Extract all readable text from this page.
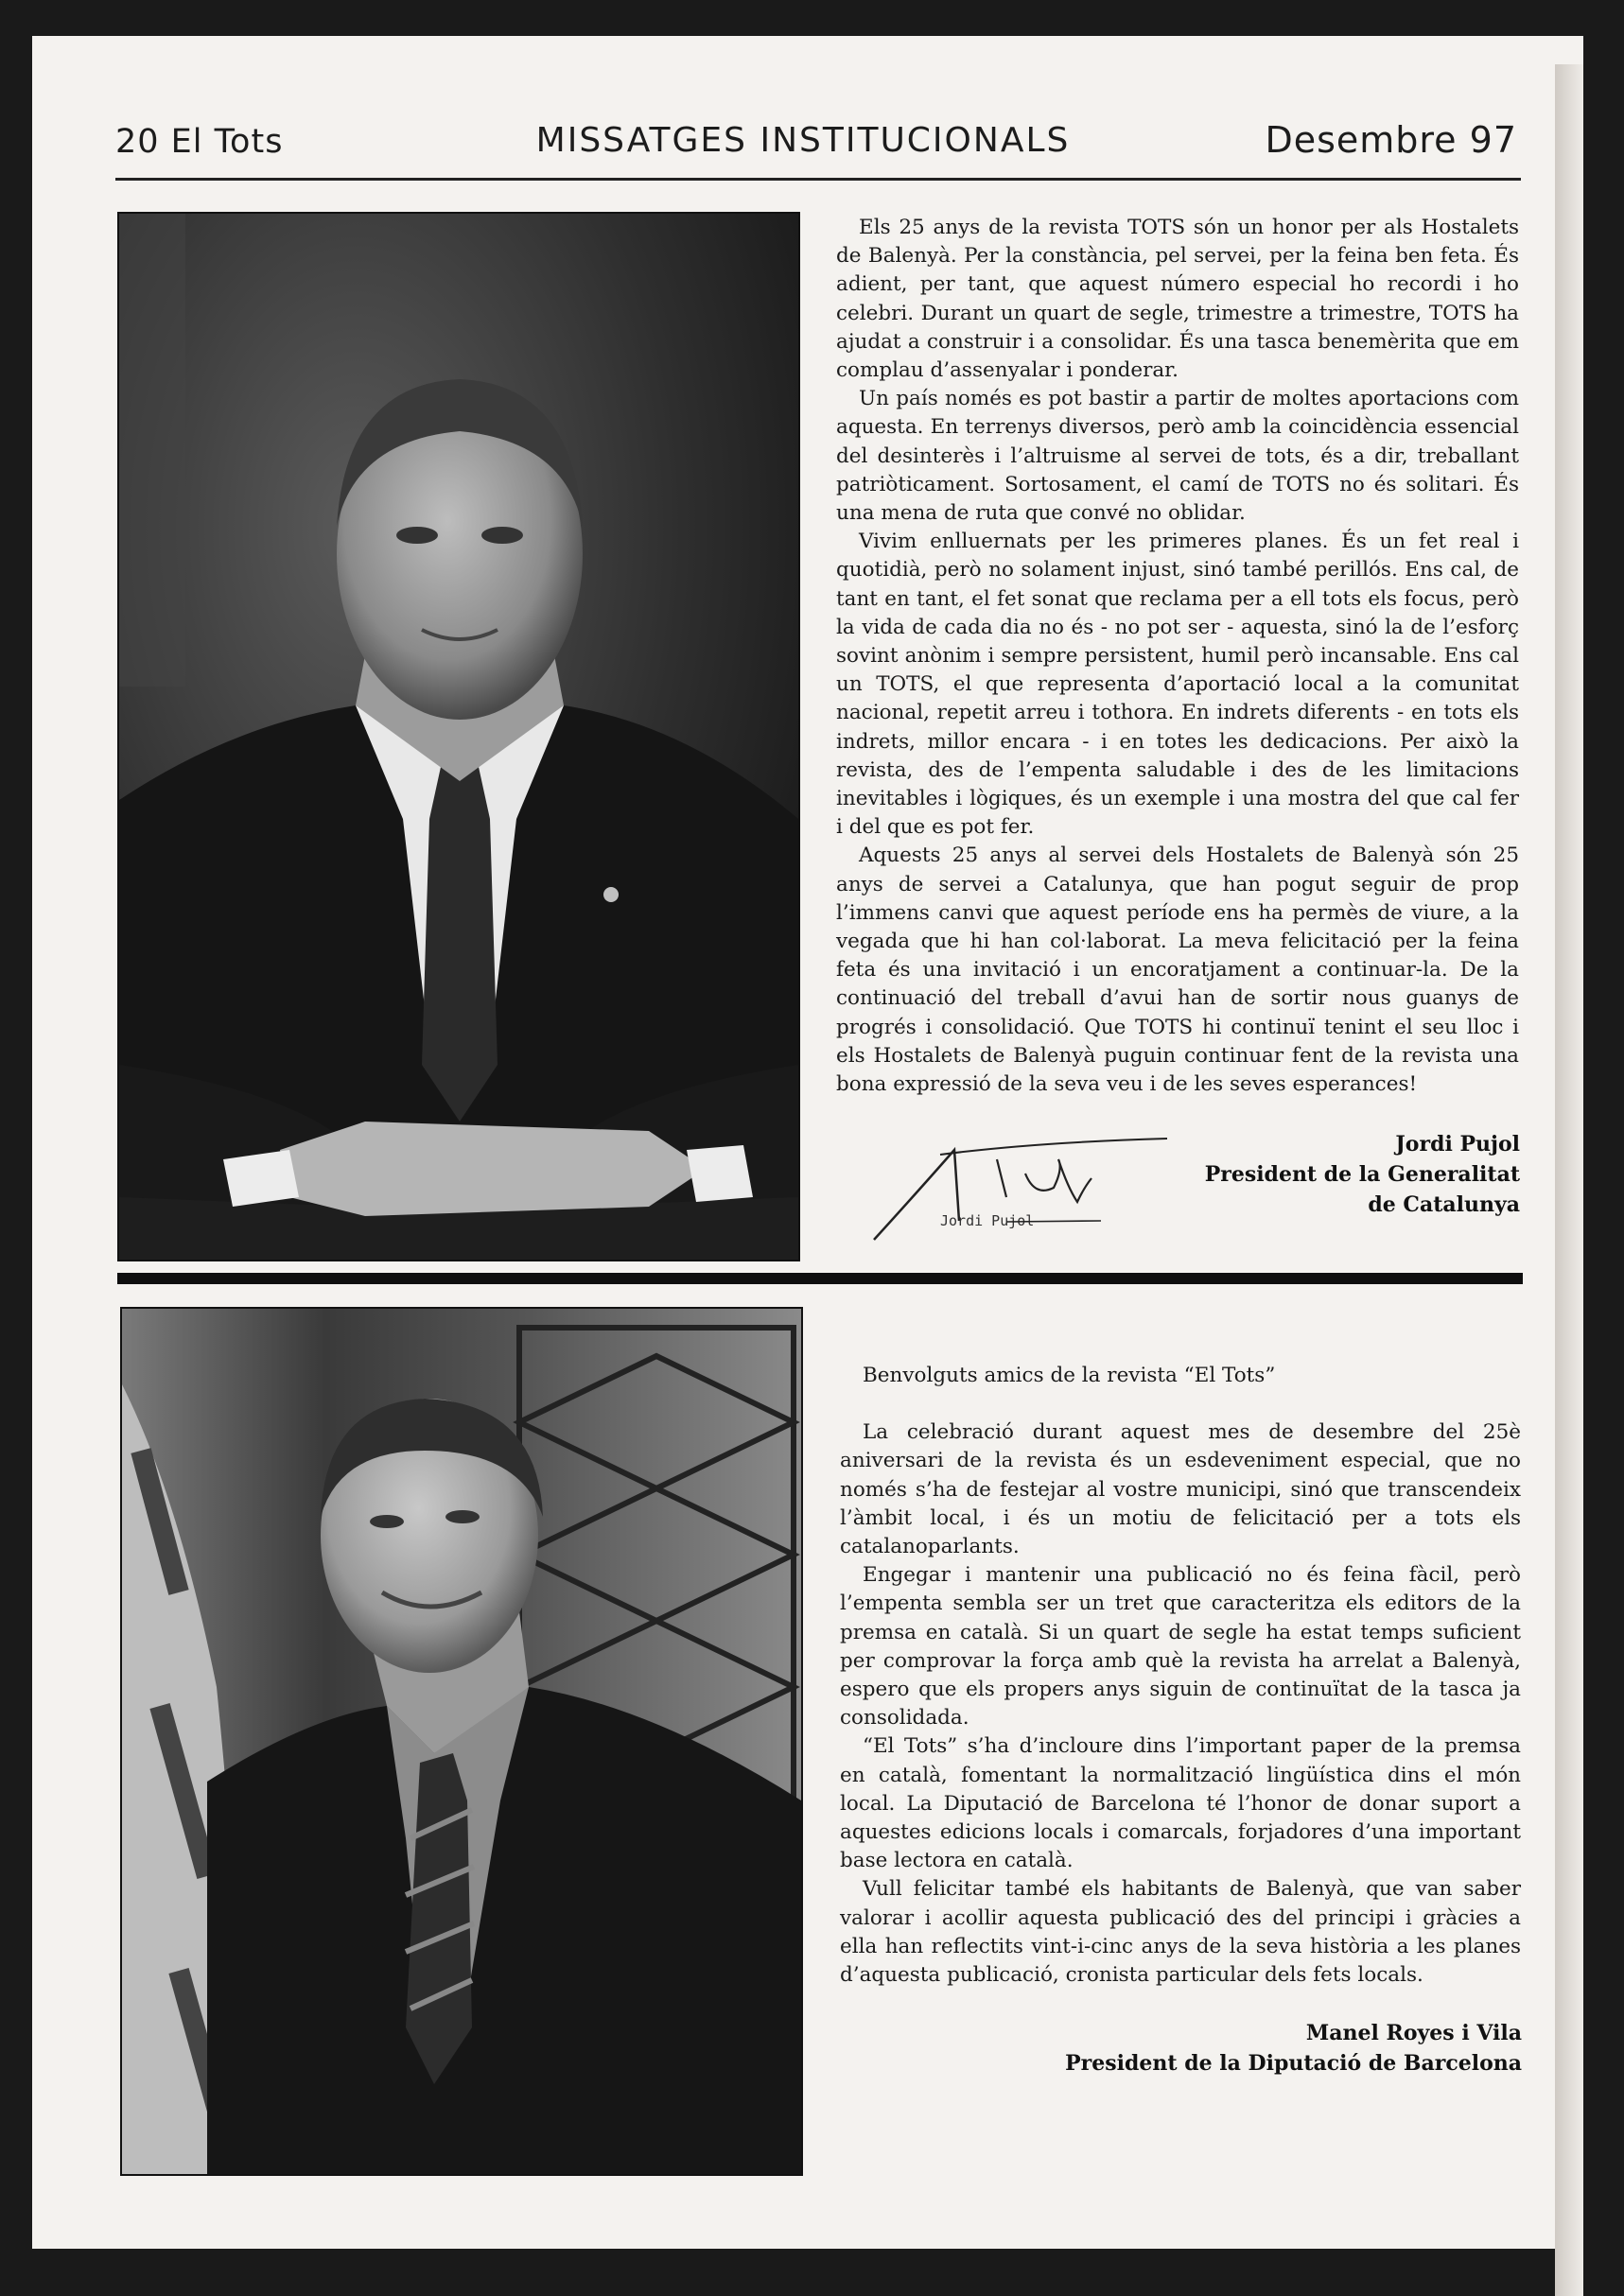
20 El Tots	MISSATGES INSTITUCIONALS	Desembre 97

Els 25 anys de la revista TOTS són un honor per als Hostalets de Balenyà. Per la constància, pel servei, per la feina ben feta. És adient, per tant, que aquest número especial ho recordi i ho celebri. Durant un quart de segle, trimestre a trimestre, TOTS ha ajudat a construir i a consolidar. És una tasca benemèrita que em complau d’assenyalar i ponderar.

Un país només es pot bastir a partir de moltes aportacions com aquesta. En terrenys diversos, però amb la coincidència essencial del desinterès i l’altruisme al servei de tots, és a dir, treballant patriòticament. Sortosament, el camí de TOTS no és solitari. És una mena de ruta que convé no oblidar.

Vivim enlluernats per les primeres planes. És un fet real i quotidià, però no solament injust, sinó també perillós. Ens cal, de tant en tant, el fet sonat que reclama per a ell tots els focus, però la vida de cada dia no és - no pot ser - aquesta, sinó la de l’esforç sovint anònim i sempre persistent, humil però incansable. Ens cal un TOTS, el que representa d’aportació local a la comunitat nacional, repetit arreu i tothora. En indrets diferents - en tots els indrets, millor encara - i en totes les dedicacions. Per això la revista, des de l’empenta saludable i des de les limitacions inevitables i lògiques, és un exemple i una mostra del que cal fer i del que es pot fer.

Aquests 25 anys al servei dels Hostalets de Balenyà són 25 anys de servei a Catalunya, que han pogut seguir de prop l’immens canvi que aquest període ens ha permès de viure, a la vegada que hi han col·laborat. La meva felicitació per la feina feta és una invitació i un encoratjament a continuar-la. De la continuació del treball d’avui han de sortir nous guanys de progrés i consolidació. Que TOTS hi continuï tenint el seu lloc i els Hostalets de Balenyà puguin continuar fent de la revista una bona expressió de la seva veu i de les seves esperances!

Jordi Pujol
Jordi Pujol
President de la Generalitat
de Catalunya

Benvolguts amics de la revista “El Tots”

La celebració durant aquest mes de desembre del 25è aniversari de la revista és un esdeveniment especial, que no només s’ha de festejar al vostre municipi, sinó que transcendeix l’àmbit local, i és un motiu de felicitació per a tots els catalanoparlants.

Engegar i mantenir una publicació no és feina fàcil, però l’empenta sembla ser un tret que caracteritza els editors de la premsa en català. Si un quart de segle ha estat temps suficient per comprovar la força amb què la revista ha arrelat a Balenyà, espero que els propers anys siguin de continuïtat de la tasca ja consolidada.

“El Tots” s’ha d’incloure dins l’important paper de la premsa en català, fomentant la normalització lingüística dins el món local. La Diputació de Barcelona té l’honor de donar suport a aquestes edicions locals i comarcals, forjadores d’una important base lectora en català.

Vull felicitar també els habitants de Balenyà, que van saber valorar i acollir aquesta publicació des del principi i gràcies a ella han reflectits vint-i-cinc anys de la seva història a les planes d’aquesta publicació, cronista particular dels fets locals.

Manel Royes i Vila
President de la Diputació de Barcelona
